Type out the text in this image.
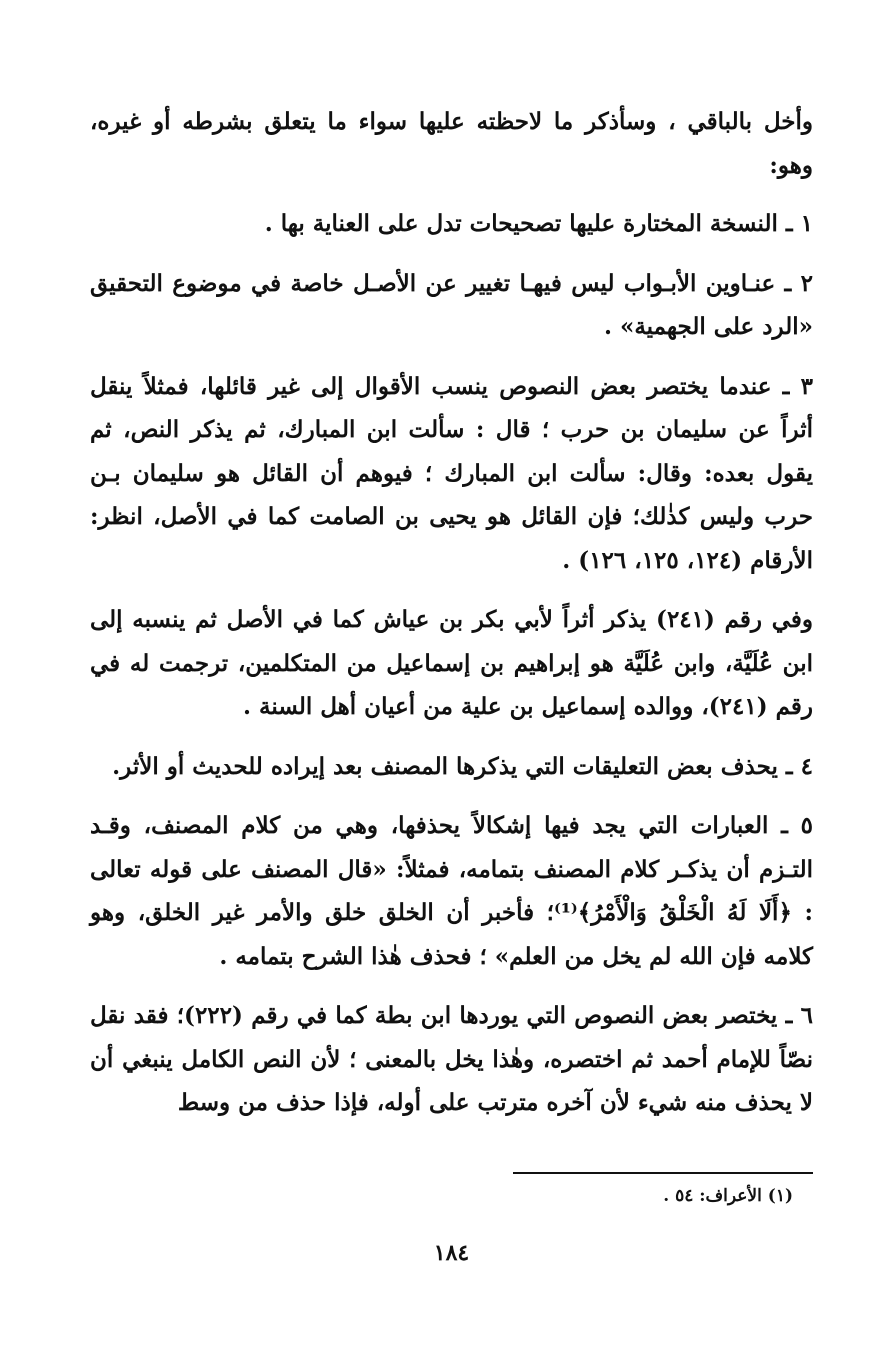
وأخل بالباقي ، وسأذكر ما لاحظته عليها سواء ما يتعلق بشرطه أو غيره، وهو:

١ ـ النسخة المختارة عليها تصحيحات تدل على العناية بها .

٢ ـ عنـاوين الأبـواب ليس فيهـا تغيير عن الأصـل خاصة في موضوع التحقيق «الرد على الجهمية» .

٣ ـ عندما يختصر بعض النصوص ينسب الأقوال إلى غير قائلها، فمثلاً ينقل أثراً عن سليمان بن حرب ؛ قال : سألت ابن المبارك، ثم يذكر النص، ثم يقول بعده: وقال: سألت ابن المبارك ؛ فيوهم أن القائل هو سليمان بـن حرب وليس كذٰلك؛ فإن القائل هو يحيى بن الصامت كما في الأصل، انظر: الأرقام (١٢٤، ١٢٥، ١٢٦) .

وفي رقم (٢٤١) يذكر أثراً لأبي بكر بن عياش كما في الأصل ثم ينسبه إلى ابن عُلَيَّة، وابن عُلَيَّة هو إبراهيم بن إسماعيل من المتكلمين، ترجمت له في رقم (٢٤١)، ووالده إسماعيل بن علية من أعيان أهل السنة .

٤ ـ يحذف بعض التعليقات التي يذكرها المصنف بعد إيراده للحديث أو الأثر.

٥ ـ العبارات التي يجد فيها إشكالاً يحذفها، وهي من كلام المصنف، وقـد التـزم أن يذكـر كلام المصنف بتمامه، فمثلاً: «قال المصنف على قوله تعالى : ﴿أَلَا لَهُ الْخَلْقُ وَالْأَمْرُ﴾⁽¹⁾؛ فأخبر أن الخلق خلق والأمر غير الخلق، وهو كلامه فإن الله لم يخل من العلم» ؛ فحذف هٰذا الشرح بتمامه .

٦ ـ يختصر بعض النصوص التي يوردها ابن بطة كما في رقم (٢٢٢)؛ فقد نقل نصّاً للإمام أحمد ثم اختصره، وهٰذا يخل بالمعنى ؛ لأن النص الكامل ينبغي أن لا يحذف منه شيء لأن آخره مترتب على أوله، فإذا حذف من وسط

(١) الأعراف: ٥٤ .
١٨٤
